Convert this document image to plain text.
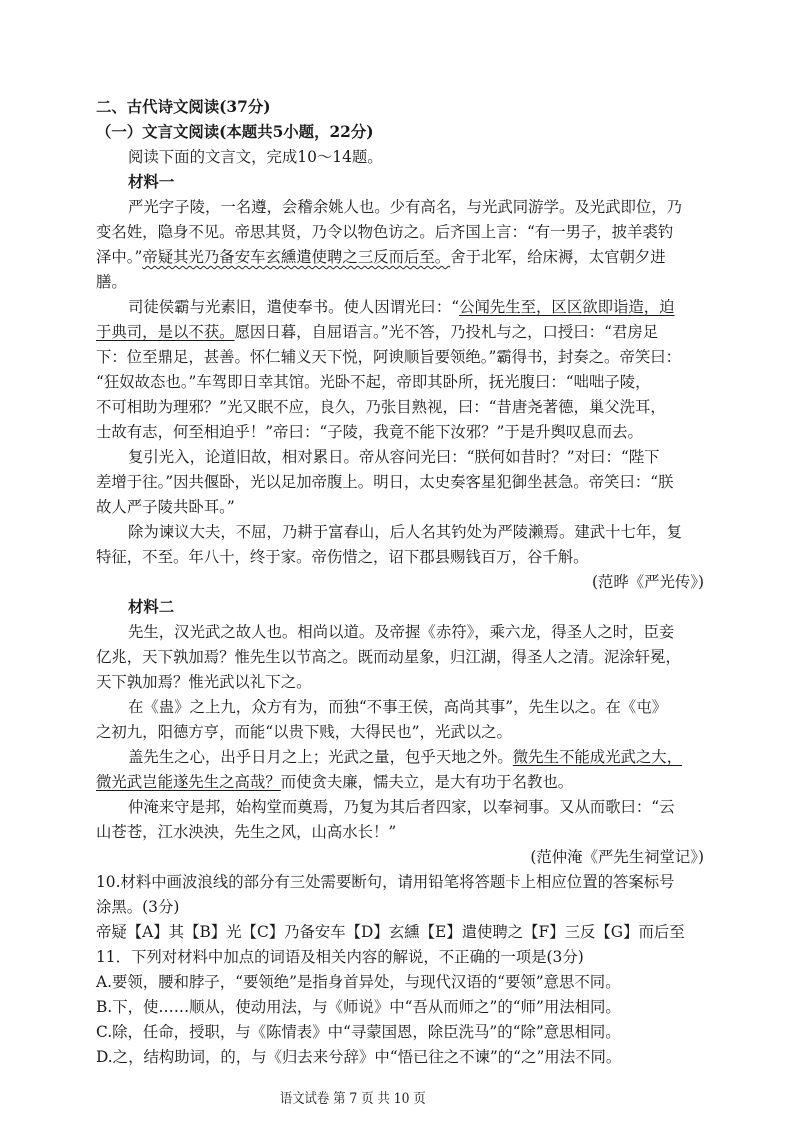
二、古代诗文阅读(37分)
（一）文言文阅读(本题共5小题，22分)
阅读下面的文言文，完成10～14题。
材料一
严光字子陵，一名遵，会稽余姚人也。少有高名，与光武同游学。及光武即位，乃
变名姓，隐身不见。帝思其贤，乃令以物色访之。后齐国上言：“有一男子，披羊裘钓
泽中。”帝疑其光乃备安车玄纁遣使聘之三反而后至。舍于北军，给床褥，太官朝夕进
膳。
司徒侯霸与光素旧，遣使奉书。使人因谓光曰：“公闻先生至，区区欲即诣造，迫
于典司，是以不获。愿因日暮，自屈语言。”光不答，乃投札与之，口授曰：“君房足
下：位至鼎足，甚善。怀仁辅义天下悦，阿谀顺旨要领绝。”霸得书，封奏之。帝笑曰：
“狂奴故态也。”车驾即日幸其馆。光卧不起，帝即其卧所，抚光腹曰：“咄咄子陵，
不可相助为理邪？”光又眠不应，良久，乃张目熟视，曰：“昔唐尧著德，巢父洗耳，
士故有志，何至相迫乎！”帝曰：“子陵，我竟不能下汝邪？”于是升舆叹息而去。
复引光入，论道旧故，相对累日。帝从容问光曰：“朕何如昔时？”对曰：“陛下
差增于往。”因共偃卧，光以足加帝腹上。明日，太史奏客星犯御坐甚急。帝笑曰：“朕
故人严子陵共卧耳。”
除为谏议大夫，不屈，乃耕于富春山，后人名其钓处为严陵濑焉。建武十七年，复
特征，不至。年八十，终于家。帝伤惜之，诏下郡县赐钱百万，谷千斛。
(范晔《严光传》)
材料二
先生，汉光武之故人也。相尚以道。及帝握《赤符》，乘六龙，得圣人之时，臣妾
亿兆，天下孰加焉？惟先生以节高之。既而动星象，归江湖，得圣人之清。泥涂轩冕，
天下孰加焉？惟光武以礼下之。
在《蛊》之上九，众方有为，而独“不事王侯，高尚其事”，先生以之。在《屯》
之初九，阳德方亨，而能“以贵下贱，大得民也”，光武以之。
盖先生之心，出乎日月之上；光武之量，包乎天地之外。微先生不能成光武之大，
微光武岂能遂先生之高哉？而使贪夫廉，懦夫立，是大有功于名教也。
仲淹来守是邦，始构堂而奠焉，乃复为其后者四家，以奉祠事。又从而歌曰：“云
山苍苍，江水泱泱，先生之风，山高水长！”
(范仲淹《严先生祠堂记》)
10.材料中画波浪线的部分有三处需要断句，请用铅笔将答题卡上相应位置的答案标号
涂黑。(3分)
帝疑【A】其【B】光【C】乃备安车【D】玄纁【E】遣使聘之【F】三反【G】而后至
11．下列对材料中加点的词语及相关内容的解说，不正确的一项是(3分)
A.要领，腰和脖子，“要领绝”是指身首异处，与现代汉语的“要领”意思不同。
B.下，使……顺从，使动用法，与《师说》中“吾从而师之”的“师”用法相同。
C.除，任命，授职，与《陈情表》中“寻蒙国恩，除臣洗马”的“除”意思相同。
D.之，结构助词，的，与《归去来兮辞》中“悟已往之不谏”的“之”用法不同。
语文试卷 第 7 页 共 10 页
